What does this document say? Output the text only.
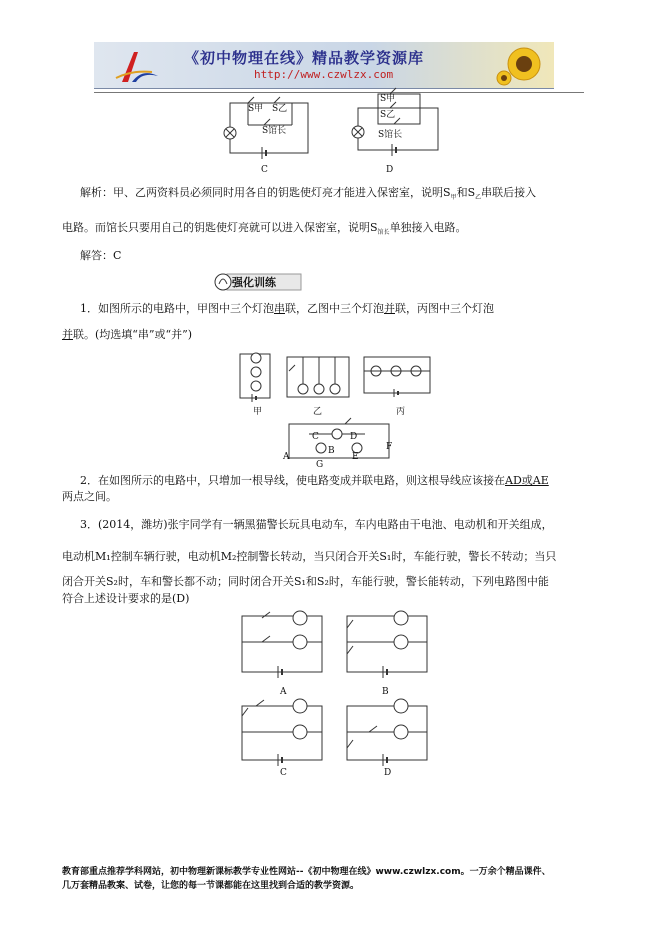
《初中物理在线》精品教学资源库
http://www.czwlzx.com
S甲 S乙
S馆长
C
S甲
S乙
S馆长
D
解析：甲、乙两资料员必须同时用各自的钥匙使灯亮才能进入保密室，说明$S_甲$和$S_乙$串联后接入
电路。而馆长只要用自己的钥匙使灯亮就可以进入保密室，说明$S_{馆长}$单独接入电路。
解答：C
强化训练
1．如图所示的电路中，甲图中三个灯泡串联，乙图中三个灯泡并联，丙图中三个灯泡
并联。(均选填“串”或“并”)
甲	乙	丙
A
B
C	D
E
F
G
2．在如图所示的电路中，只增加一根导线，使电路变成并联电路，则这根导线应该接在AD或AE
两点之间。
3．(2014，潍坊)张宇同学有一辆黑猫警长玩具电动车，车内电路由干电池、电动机和开关组成，
电动机M₁控制车辆行驶，电动机M₂控制警长转动，当只闭合开关S₁时，车能行驶，警长不转动；当只
闭合开关S₂时，车和警长都不动；同时闭合开关S₁和S₂时，车能行驶，警长能转动，下列电路图中能
符合上述设计要求的是(D)
A	B
C	D
教育部重点推荐学科网站，初中物理新课标教学专业性网站--《初中物理在线》www.czwlzx.com。一万余个精品课件、
几万套精品教案、试卷，让您的每一节课都能在这里找到合适的教学资源。
